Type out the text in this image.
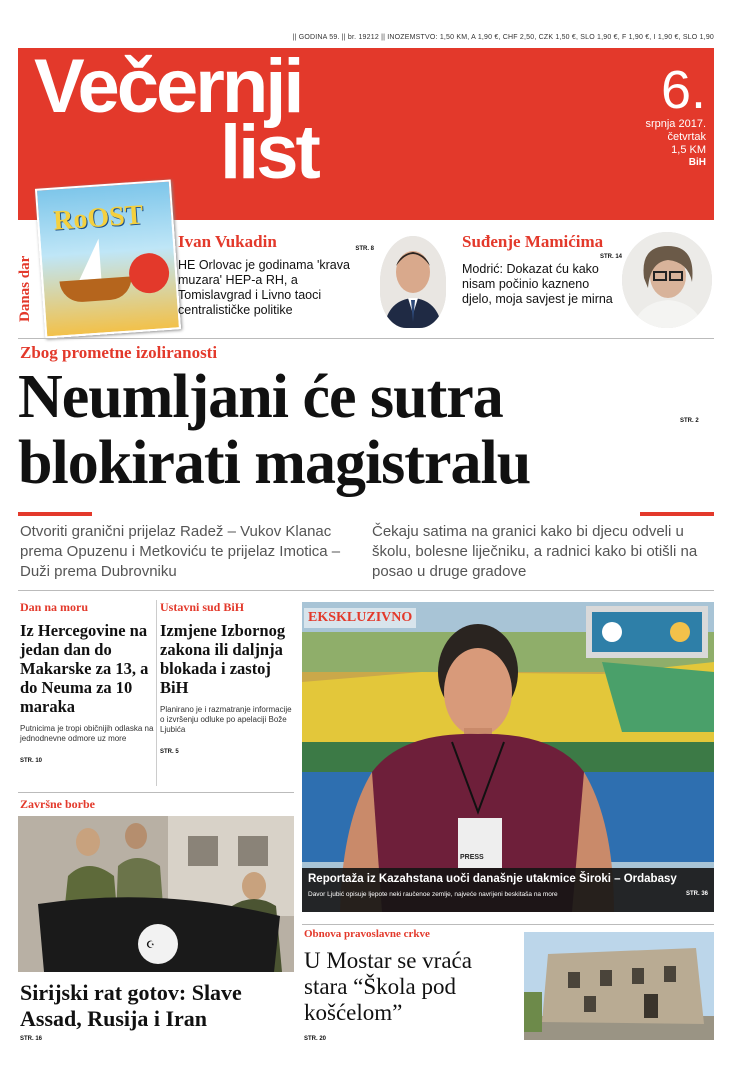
|| GODINA 59. || br. 19212 || INOZEMSTVO: 1,50 KM, A 1,90 €, CHF 2,50, CZK 1,50 €, SLO 1,90 €, F 1,90 €, I 1,90 €, SLO 1,90
Večernji
list
6.
srpnja 2017.
četvrtak
1,5 KM
BiH
Danas dar
RoOST
Ivan Vukadin	STR. 8
HE Orlovac je godinama 'krava muzara' HEP-a RH, a Tomislavgrad i Livno taoci centralističke politike
Suđenje Mamićima
STR. 14
Modrić: Dokazat ću kako nisam počinio kazneno djelo, moja savjest je mirna
Zbog prometne izoliranosti
Neumljani će sutra
blokirati magistralu
STR. 2
Otvoriti granični prijelaz Radež – Vukov Klanac prema Opuzenu i Metkoviću te prijelaz Imotica – Duži prema Dubrovniku
Čekaju satima na granici kako bi djecu odveli u školu, bolesne liječniku, a radnici kako bi otišli na posao u druge gradove
Dan na moru
Iz Hercegovine na jedan dan do Makarske za 13, a do Neuma za 10 maraka
Putnicima je tropi običnijih odlaska na jednodnevne odmore uz more
STR. 10
Ustavni sud BiH
Izmjene Izbornog zakona ili daljnja blokada i zastoj BiH
Planirano je i razmatranje informacije o izvršenju odluke po apelaciji Bože Ljubića
STR. 5
EKSKLUZIVNO
PRESS
Reportaža iz Kazahstana uoči današnje utakmice Široki – Ordabasy
Davor Ljubić opisuje ljepote neki raučenoe zemlje, najveće navrijeni beskitaša na more	STR. 36
Završne borbe
☪
Sirijski rat gotov: Slave Assad, Rusija i Iran
STR. 16
Obnova pravoslavne crkve
U Mostar se vraća stara “Škola pod košćelom”
STR. 20
